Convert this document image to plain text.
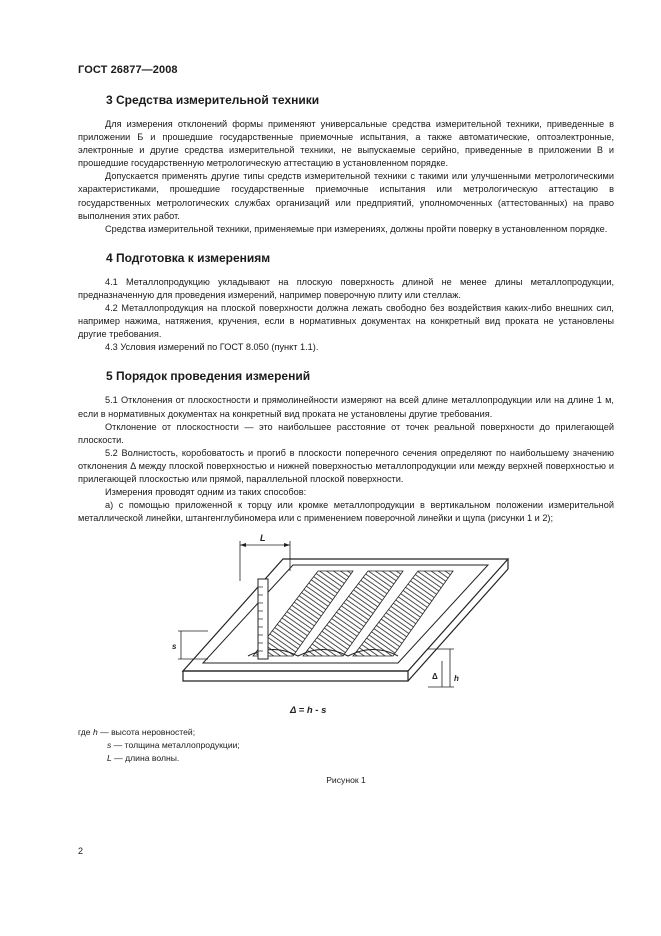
ГОСТ 26877—2008
3 Средства измерительной техники

Для измерения отклонений формы применяют универсальные средства измерительной техники, приведенные в приложении Б и прошедшие государственные приемочные испытания, а также автоматические, оптоэлектронные, электронные и другие средства измерительной техники, не выпускаемые серийно, приведенные в приложении В и прошедшие государственную метрологическую аттестацию в установленном порядке.

Допускается применять другие типы средств измерительной техники с такими или улучшенными метрологическими характеристиками, прошедшие государственные приемочные испытания или метрологическую аттестацию в государственных метрологических службах организаций или предприятий, уполномоченных (аттестованных) на право выполнения этих работ.

Средства измерительной техники, применяемые при измерениях, должны пройти поверку в установленном порядке.

4 Подготовка к измерениям

4.1 Металлопродукцию укладывают на плоскую поверхность длиной не менее длины металлопродукции, предназначенную для проведения измерений, например поверочную плиту или стеллаж.

4.2 Металлопродукция на плоской поверхности должна лежать свободно без воздействия каких-либо внешних сил, например нажима, натяжения, кручения, если в нормативных документах на конкретный вид проката не установлены другие требования.

4.3 Условия измерений по ГОСТ 8.050 (пункт 1.1).

5 Порядок проведения измерений

5.1 Отклонения от плоскостности и прямолинейности измеряют на всей длине металлопродукции или на длине 1 м, если в нормативных документах на конкретный вид проката не установлены другие требования.

Отклонение от плоскостности — это наибольшее расстояние от точек реальной поверхности до прилегающей плоскости.

5.2 Волнистость, коробоватость и прогиб в плоскости поперечного сечения определяют по наибольшему значению отклонения Δ между плоской поверхностью и нижней поверхностью металлопродукции или между верхней поверхностью и прилегающей плоскостью или прямой, параллельной плоской поверхности.

Измерения проводят одним из таких способов:

а) с помощью приложенной к торцу или кромке металлопродукции в вертикальном положении измерительной металлической линейки, штангенглубиномера или с применением поверочной линейки и щупа (рисунки 1 и 2);

L
s
h
Δ
Δ = h - s
где h — высота неровностей;
s — толщина металлопродукции;
L — длина волны.
Рисунок 1
2
